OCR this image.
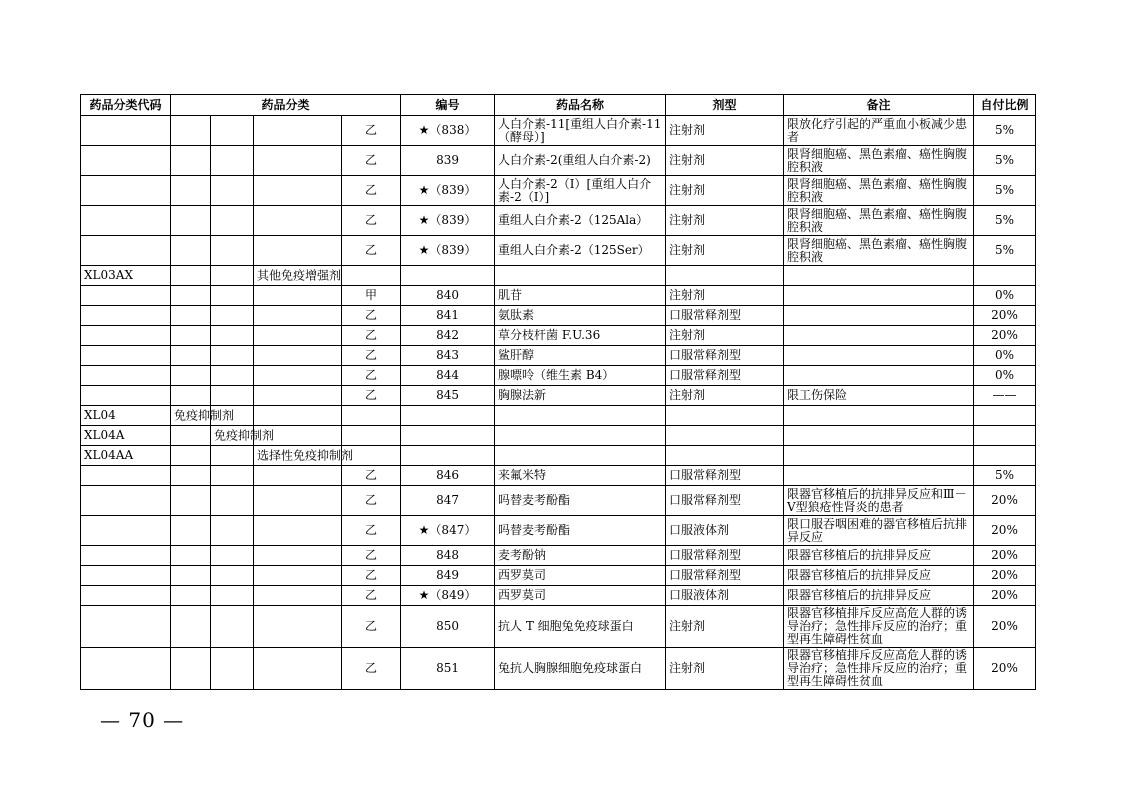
药品分类代码	药品分类				编号	药品名称	剂型	备注	自付比例
				乙	★（838）	人白介素-11[重组人白介素-11（酵母）]	注射剂	限放化疗引起的严重血小板减少患者	5%
				乙	839	人白介素-2(重组人白介素-2)	注射剂	限肾细胞癌、黑色素瘤、癌性胸腹腔积液	5%
				乙	★（839）	人白介素-2（Ⅰ）[重组人白介素-2（Ⅰ）]	注射剂	限肾细胞癌、黑色素瘤、癌性胸腹腔积液	5%
				乙	★（839）	重组人白介素-2（125Ala）	注射剂	限肾细胞癌、黑色素瘤、癌性胸腹腔积液	5%
				乙	★（839）	重组人白介素-2（125Ser）	注射剂	限肾细胞癌、黑色素瘤、癌性胸腹腔积液	5%
XL03AX			其他免疫增强剂						

				甲	840	肌苷	注射剂		0%
				乙	841	氨肽素	口服常释剂型		20%
				乙	842	草分枝杆菌 F.U.36	注射剂		20%
				乙	843	鲨肝醇	口服常释剂型		0%
				乙	844	腺嘌呤（维生素 B4）	口服常释剂型		0%
				乙	845	胸腺法新	注射剂	限工伤保险	——
XL04	免疫抑制剂								

XL04A		免疫抑制剂							

XL04AA			选择性免疫抑制剂						

				乙	846	来氟米特	口服常释剂型		5%
				乙	847	吗替麦考酚酯	口服常释剂型	限器官移植后的抗排异反应和Ⅲ－Ⅴ型狼疮性肾炎的患者	20%
				乙	★（847）	吗替麦考酚酯	口服液体剂	限口服吞咽困难的器官移植后抗排异反应	20%
				乙	848	麦考酚钠	口服常释剂型	限器官移植后的抗排异反应	20%
				乙	849	西罗莫司	口服常释剂型	限器官移植后的抗排异反应	20%
				乙	★（849）	西罗莫司	口服液体剂	限器官移植后的抗排异反应	20%
				乙	850	抗人 T 细胞兔免疫球蛋白	注射剂	限器官移植排斥反应高危人群的诱导治疗；急性排斥反应的治疗；重型再生障碍性贫血	20%
				乙	851	兔抗人胸腺细胞免疫球蛋白	注射剂	限器官移植排斥反应高危人群的诱导治疗；急性排斥反应的治疗；重型再生障碍性贫血	20%
— 70 —
